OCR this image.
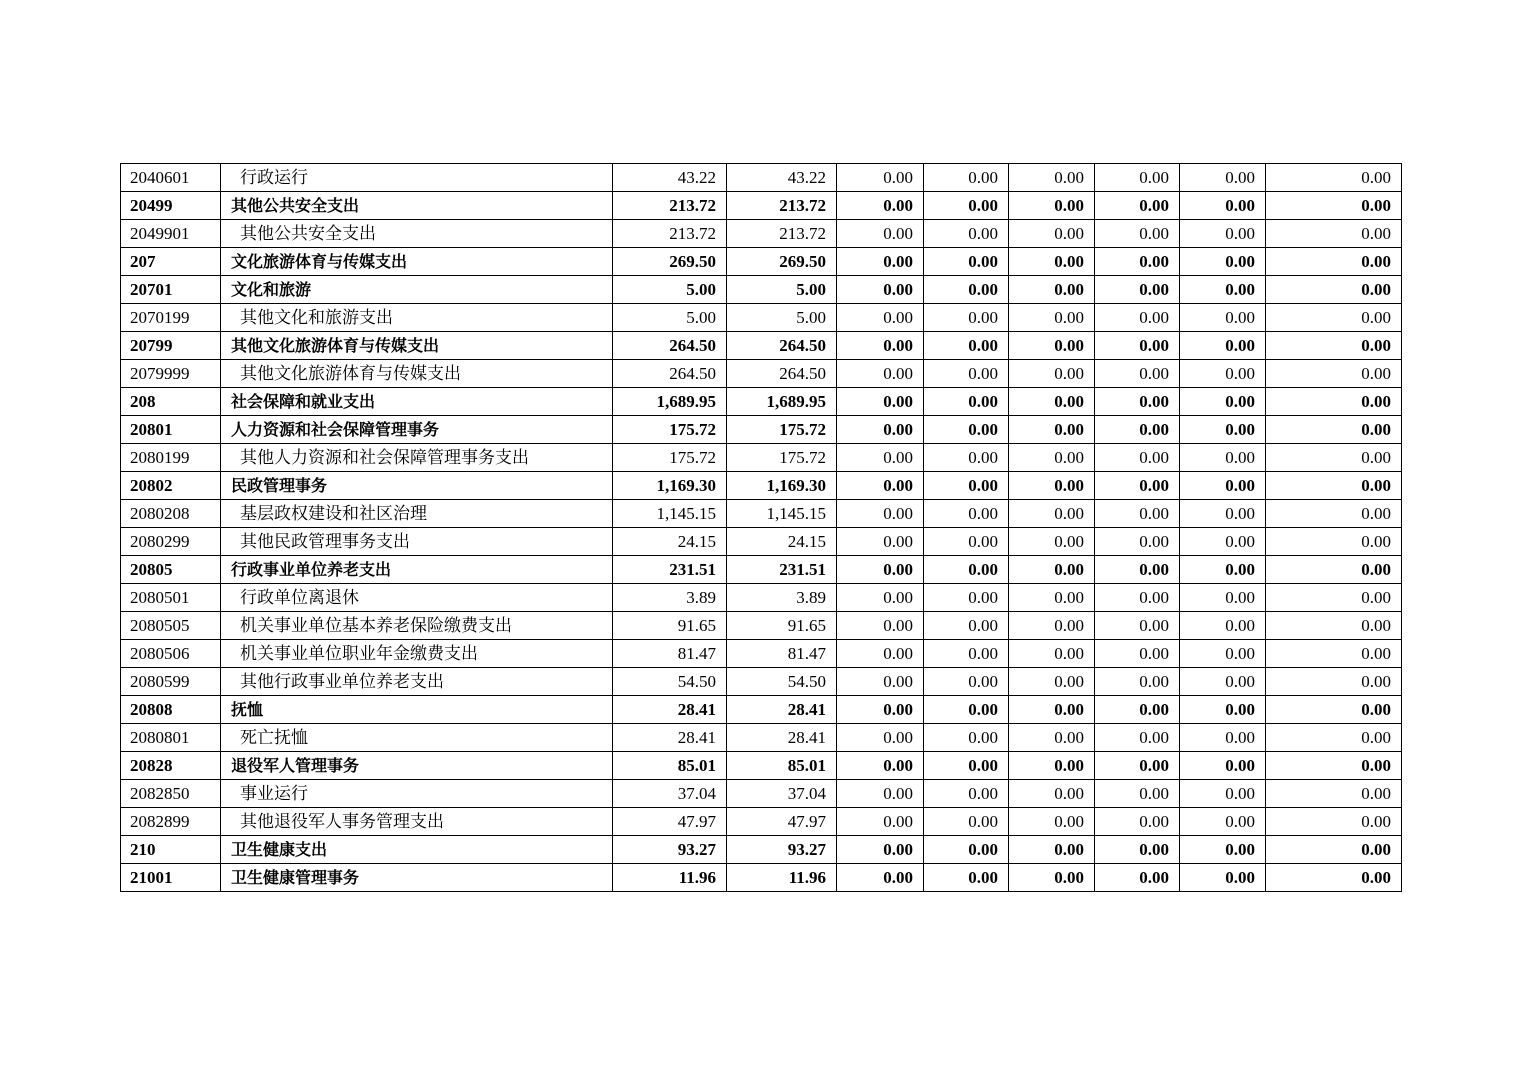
2040601	行政运行	43.22	43.22	0.00	0.00	0.00	0.00	0.00	0.00
20499	其他公共安全支出	213.72	213.72	0.00	0.00	0.00	0.00	0.00	0.00
2049901	其他公共安全支出	213.72	213.72	0.00	0.00	0.00	0.00	0.00	0.00
207	文化旅游体育与传媒支出	269.50	269.50	0.00	0.00	0.00	0.00	0.00	0.00
20701	文化和旅游	5.00	5.00	0.00	0.00	0.00	0.00	0.00	0.00
2070199	其他文化和旅游支出	5.00	5.00	0.00	0.00	0.00	0.00	0.00	0.00
20799	其他文化旅游体育与传媒支出	264.50	264.50	0.00	0.00	0.00	0.00	0.00	0.00
2079999	其他文化旅游体育与传媒支出	264.50	264.50	0.00	0.00	0.00	0.00	0.00	0.00
208	社会保障和就业支出	1,689.95	1,689.95	0.00	0.00	0.00	0.00	0.00	0.00
20801	人力资源和社会保障管理事务	175.72	175.72	0.00	0.00	0.00	0.00	0.00	0.00
2080199	其他人力资源和社会保障管理事务支出	175.72	175.72	0.00	0.00	0.00	0.00	0.00	0.00
20802	民政管理事务	1,169.30	1,169.30	0.00	0.00	0.00	0.00	0.00	0.00
2080208	基层政权建设和社区治理	1,145.15	1,145.15	0.00	0.00	0.00	0.00	0.00	0.00
2080299	其他民政管理事务支出	24.15	24.15	0.00	0.00	0.00	0.00	0.00	0.00
20805	行政事业单位养老支出	231.51	231.51	0.00	0.00	0.00	0.00	0.00	0.00
2080501	行政单位离退休	3.89	3.89	0.00	0.00	0.00	0.00	0.00	0.00
2080505	机关事业单位基本养老保险缴费支出	91.65	91.65	0.00	0.00	0.00	0.00	0.00	0.00
2080506	机关事业单位职业年金缴费支出	81.47	81.47	0.00	0.00	0.00	0.00	0.00	0.00
2080599	其他行政事业单位养老支出	54.50	54.50	0.00	0.00	0.00	0.00	0.00	0.00
20808	抚恤	28.41	28.41	0.00	0.00	0.00	0.00	0.00	0.00
2080801	死亡抚恤	28.41	28.41	0.00	0.00	0.00	0.00	0.00	0.00
20828	退役军人管理事务	85.01	85.01	0.00	0.00	0.00	0.00	0.00	0.00
2082850	事业运行	37.04	37.04	0.00	0.00	0.00	0.00	0.00	0.00
2082899	其他退役军人事务管理支出	47.97	47.97	0.00	0.00	0.00	0.00	0.00	0.00
210	卫生健康支出	93.27	93.27	0.00	0.00	0.00	0.00	0.00	0.00
21001	卫生健康管理事务	11.96	11.96	0.00	0.00	0.00	0.00	0.00	0.00
